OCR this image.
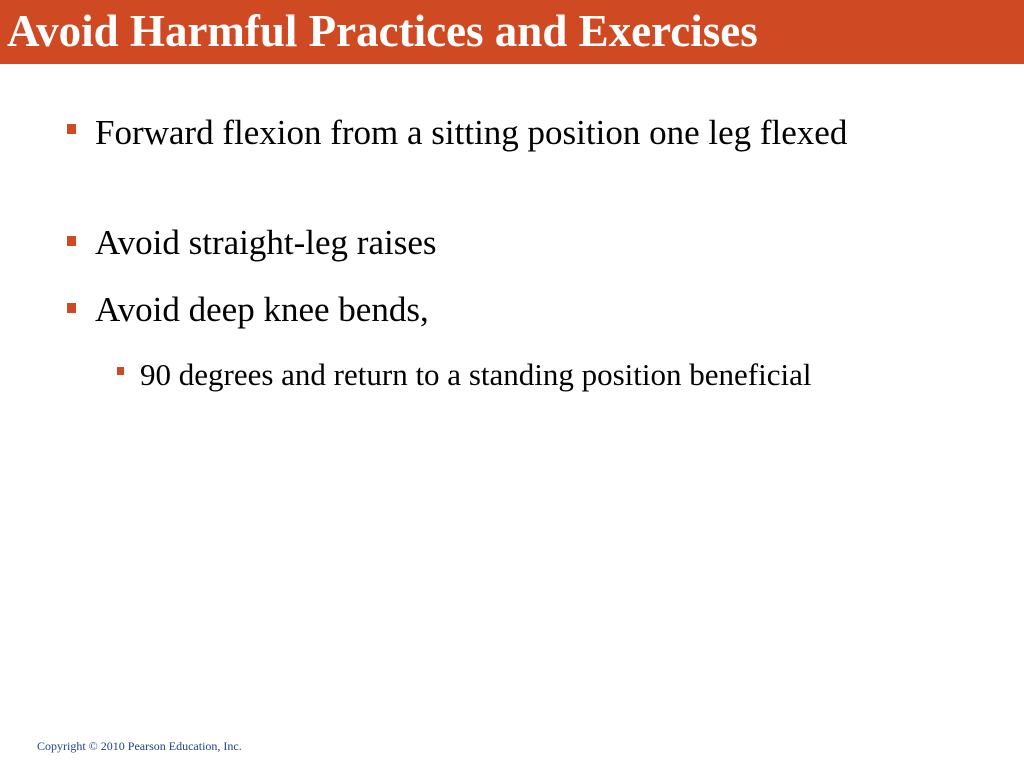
Avoid Harmful Practices and Exercises
Forward flexion from a sitting position one leg flexed
Avoid straight-leg raises
Avoid deep knee bends,
90 degrees and return to a standing position beneficial
Copyright © 2010 Pearson Education, Inc.
